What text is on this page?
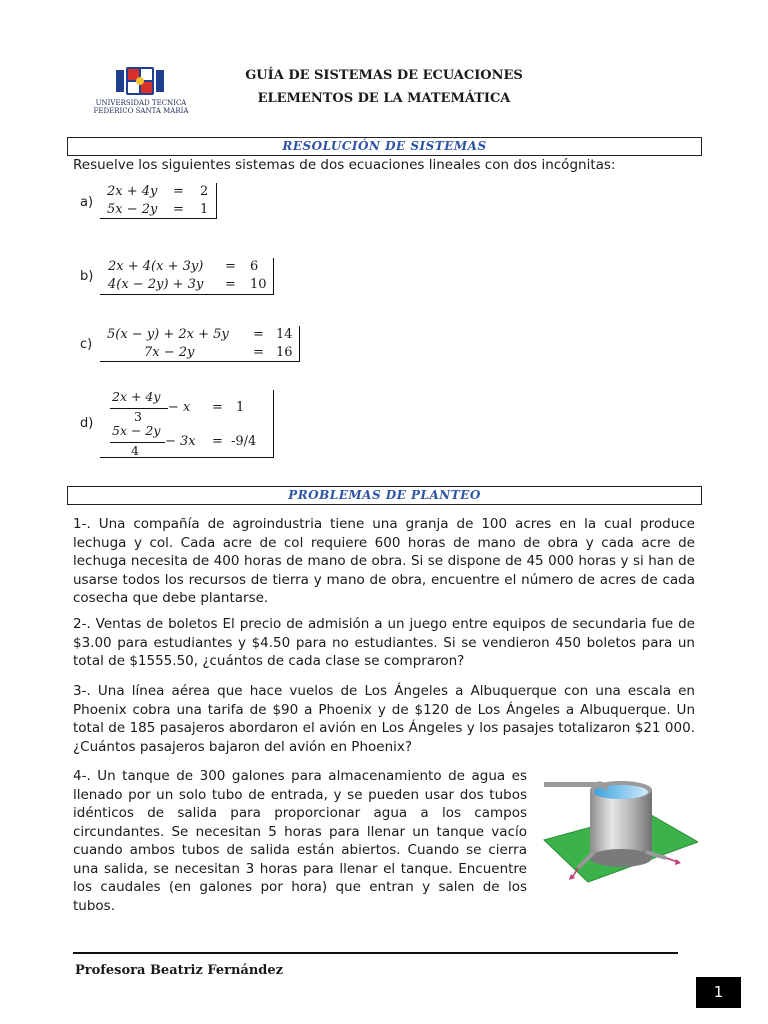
UNIVERSIDAD TECNICA
FEDERICO SANTA MARIA
GUÍA DE SISTEMAS DE ECUACIONES
ELEMENTOS DE LA MATEMÁTICA
RESOLUCIÓN DE SISTEMAS
Resuelve los siguientes sistemas de dos ecuaciones lineales con dos incógnitas:
a)
2x + 4y = 2
5x − 2y = 1
b)
2x + 4(x + 3y) = 6
4(x − 2y) + 3y = 10
c)
5(x − y) + 2x + 5y = 14
7x − 2y	= 16
d)
2x + 4y
3
− x = 1
5x − 2y
4
− 3x = -9/4
PROBLEMAS DE PLANTEO
1-. Una compañía de agroindustria tiene una granja de 100 acres en la cual produce lechuga y col. Cada acre de col requiere 600 horas de mano de obra y cada acre de lechuga necesita de 400 horas de mano de obra. Si se dispone de 45 000 horas y si han de usarse todos los recursos de tierra y mano de obra, encuentre el número de acres de cada cosecha que debe plantarse.
2-. Ventas de boletos El precio de admisión a un juego entre equipos de secundaria fue de $3.00 para estudiantes y $4.50 para no estudiantes. Si se vendieron 450 boletos para un total de $1555.50, ¿cuántos de cada clase se compraron?
3-. Una línea aérea que hace vuelos de Los Ángeles a Albuquerque con una escala en Phoenix cobra una tarifa de $90 a Phoenix y de $120 de Los Ángeles a Albuquerque. Un total de 185 pasajeros abordaron el avión en Los Ángeles y los pasajes totalizaron $21 000. ¿Cuántos pasajeros bajaron del avión en Phoenix?
4-. Un tanque de 300 galones para almacenamiento de agua es llenado por un solo tubo de entrada, y se pueden usar dos tubos idénticos de salida para proporcionar agua a los campos circundantes. Se necesitan 5 horas para llenar un tanque vacío cuando ambos tubos de salida están abiertos. Cuando se cierra una salida, se necesitan 3 horas para llenar el tanque. Encuentre los caudales (en galones por hora) que entran y salen de los tubos.
Profesora Beatriz Fernández
1
